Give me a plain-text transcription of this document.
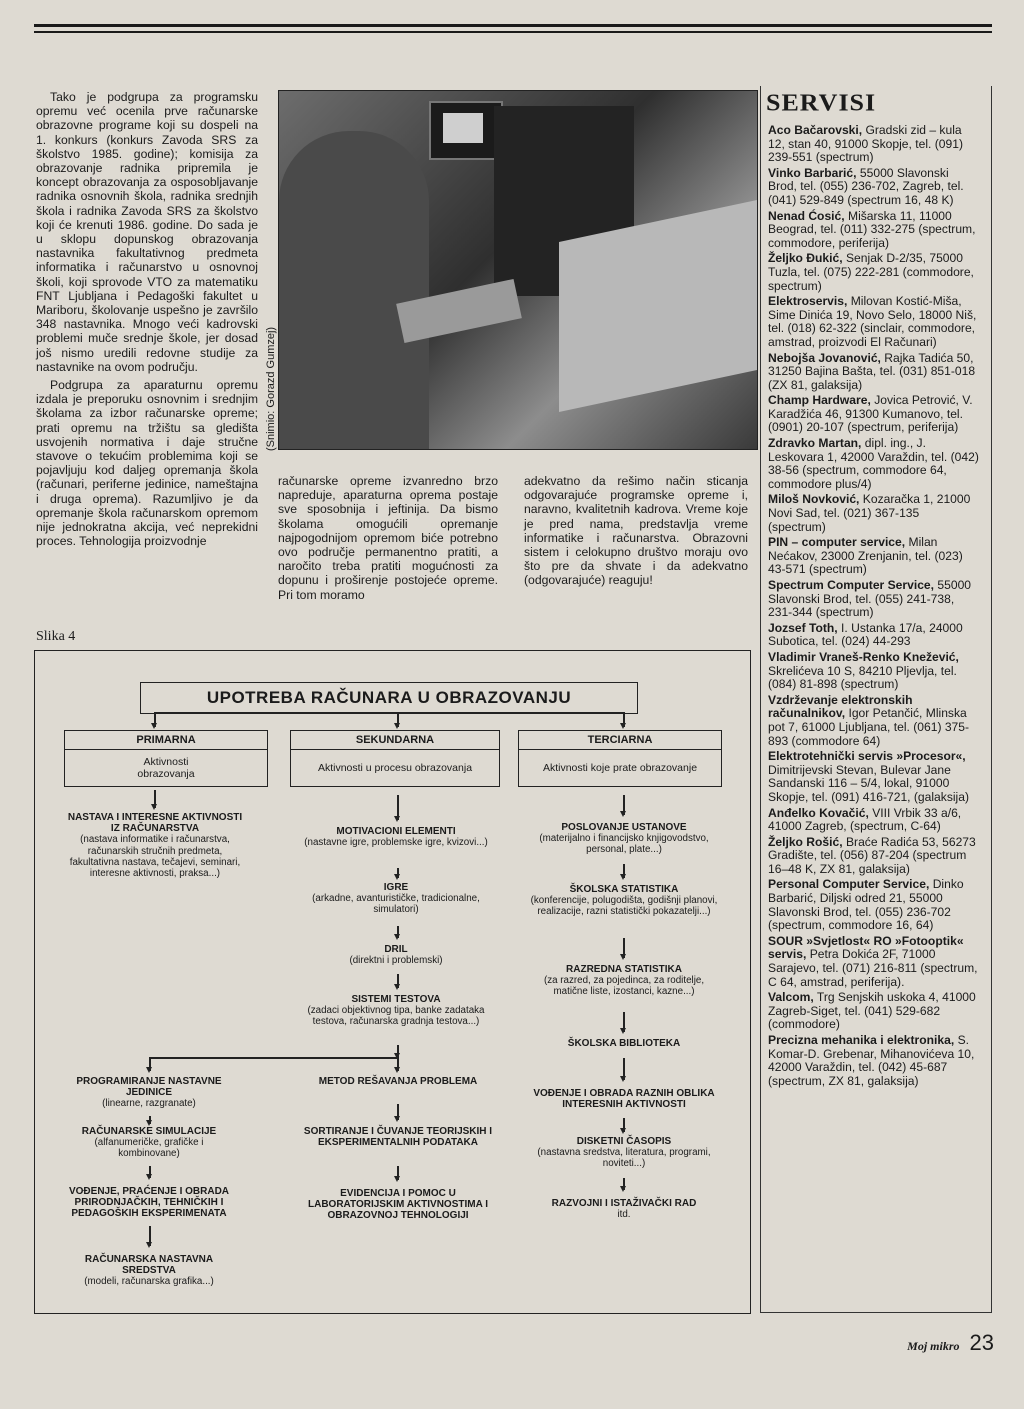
Tako je podgrupa za programsku opremu već ocenila prve računarske obrazovne programe koji su dospeli na 1. konkurs (konkurs Zavoda SRS za školstvo 1985. godine); komisija za obrazovanje radnika pripremila je koncept obrazovanja za osposobljavanje radnika osnovnih škola, radnika srednjih škola i radnika Zavoda SRS za školstvo koji će krenuti 1986. godine. Do sada je u sklopu dopunskog obrazovanja nastavnika fakultativnog predmeta informatika i računarstvo u osnovnoj školi, koji sprovode VTO za matematiku FNT Ljubljana i Pedagoški fakultet u Mariboru, školovanje uspešno je završilo 348 nastavnika. Mnogo veći kadrovski problemi muče srednje škole, jer dosad još nismo uredili redovne studije za nastavnike na ovom području.

Podgrupa za aparaturnu opremu izdala je preporuku osnovnim i srednjim školama za izbor računarske opreme; prati opremu na tržištu sa gledišta usvojenih normativa i daje stručne stavove o tekućim problemima koji se pojavljuju kod daljeg opremanja škola (računari, periferne jedinice, nameštajna i druga oprema). Razumljivo je da opremanje škola računarskom opremom nije jednokratna akcija, već neprekidni proces. Tehnologija proizvodnje

(Snimio: Gorazd Gumzej)
računarske opreme izvanredno brzo napreduje, aparaturna oprema postaje sve sposobnija i jeftinija. Da bismo školama omogućili opremanje najpogodnijom opremom biće potrebno ovo područje permanentno pratiti, a naročito treba pratiti mogućnosti za dopunu i proširenje postojeće opreme. Pri tom moramo
adekvatno da rešimo način sticanja odgovarajuće programske opreme i, naravno, kvalitetnih kadrova. Vreme koje je pred nama, predstavlja vreme informatike i računarstva. Obrazovni sistem i celokupno društvo moraju ovo što pre da shvate i da adekvatno (odgovarajuće) reaguju!
Slika 4
UPOTREBA RAČUNARA U OBRAZOVANJU
PRIMARNA
Aktivnosti obrazovanja
SEKUNDARNA
Aktivnosti u procesu obrazovanja
TERCIARNA
Aktivnosti koje prate obrazovanje
NASTAVA I INTERESNE AKTIVNOSTI IZ RAČUNARSTVA
(nastava informatike i računarstva, računarskih stručnih predmeta, fakultativna nastava, tečajevi, seminari, interesne aktivnosti, praksa...)
MOTIVACIONI ELEMENTI
(nastavne igre, problemske igre, kvizovi...)
IGRE
(arkadne, avanturističke, tradicionalne, simulatori)
DRIL
(direktni i problemski)
SISTEMI TESTOVA
(zadaci objektivnog tipa, banke zadataka testova, računarska gradnja testova...)
POSLOVANJE USTANOVE
(materijalno i financijsko knjigovodstvo, personal, plate...)
ŠKOLSKA STATISTIKA
(konferencije, polugodišta, godišnji planovi, realizacije, razni statistički pokazatelji...)
RAZREDNA STATISTIKA
(za razred, za pojedinca, za roditelje, matične liste, izostanci, kazne...)
ŠKOLSKA BIBLIOTEKA
VOĐENJE I OBRADA RAZNIH OBLIKA INTERESNIH AKTIVNOSTI
DISKETNI ČASOPIS
(nastavna sredstva, literatura, programi, noviteti...)
RAZVOJNI I ISTAŽIVAČKI RAD
itd.
PROGRAMIRANJE NASTAVNE JEDINICE
(linearne, razgranate)
RAČUNARSKE SIMULACIJE
(alfanumeričke, grafičke i kombinovane)
VOĐENJE, PRAĆENJE I OBRADA PRIRODNJAČKIH, TEHNIČKIH I PEDAGOŠKIH EKSPERIMENATA
RAČUNARSKA NASTAVNA SREDSTVA
(modeli, računarska grafika...)
METOD REŠAVANJA PROBLEMA
SORTIRANJE I ČUVANJE TEORIJSKIH I EKSPERIMENTALNIH PODATAKA
EVIDENCIJA I POMOC U LABORATORIJSKIM AKTIVNOSTIMA I OBRAZOVNOJ TEHNOLOGIJI
SERVISI
Aco Bačarovski, Gradski zid – kula 12, stan 40, 91000 Skopje, tel. (091) 239-551 (spectrum)
Vinko Barbarić, 55000 Slavonski Brod, tel. (055) 236-702, Zagreb, tel. (041) 529-849 (spectrum 16, 48 K)
Nenad Ćosić, Mišarska 11, 11000 Beograd, tel. (011) 332-275 (spectrum, commodore, periferija)
Željko Đukić, Senjak D-2/35, 75000 Tuzla, tel. (075) 222-281 (commodore, spectrum)
Elektroservis, Milovan Kostić-Miša, Sime Dinića 19, Novo Selo, 18000 Niš, tel. (018) 62-322 (sinclair, commodore, amstrad, proizvodi El Računari)
Nebojša Jovanović, Rajka Tadića 50, 31250 Bajina Bašta, tel. (031) 851-018 (ZX 81, galaksija)
Champ Hardware, Jovica Petrović, V. Karadžića 46, 91300 Kumanovo, tel. (0901) 20-107 (spectrum, periferija)
Zdravko Martan, dipl. ing., J. Leskovara 1, 42000 Varaždin, tel. (042) 38-56 (spectrum, commodore 64, commodore plus/4)
Miloš Novković, Kozaračka 1, 21000 Novi Sad, tel. (021) 367-135 (spectrum)
PIN – computer service, Milan Nećakov, 23000 Zrenjanin, tel. (023) 43-571 (spectrum)
Spectrum Computer Service, 55000 Slavonski Brod, tel. (055) 241-738, 231-344 (spectrum)
Jozsef Toth, I. Ustanka 17/a, 24000 Subotica, tel. (024) 44-293
Vladimir Vraneš-Renko Knežević, Skrelićeva 10 S, 84210 Pljevlja, tel. (084) 81-898 (spectrum)
Vzdrževanje elektronskih računalnikov, Igor Petančić, Mlinska pot 7, 61000 Ljubljana, tel. (061) 375-893 (commodore 64)
Elektrotehnički servis »Procesor«, Dimitrijevski Stevan, Bulevar Jane Sandanski 116 – 5/4, lokal, 91000 Skopje, tel. (091) 416-721, (galaksija)
Anđelko Kovačić, VIII Vrbik 33 a/6, 41000 Zagreb, (spectrum, C-64)
Željko Rošić, Braće Radića 53, 56273 Gradište, tel. (056) 87-204 (spectrum 16–48 K, ZX 81, galaksija)
Personal Computer Service, Dinko Barbarić, Diljski odred 21, 55000 Slavonski Brod, tel. (055) 236-702 (spectrum, commodore 16, 64)
SOUR »Svjetlost« RO »Fotooptik« servis, Petra Dokića 2F, 71000 Sarajevo, tel. (071) 216-811 (spectrum, C 64, amstrad, periferija).
Valcom, Trg Senjskih uskoka 4, 41000 Zagreb-Siget, tel. (041) 529-682 (commodore)
Precizna mehanika i elektronika, S. Komar-D. Grebenar, Mihanovićeva 10, 42000 Varaždin, tel. (042) 45-687 (spectrum, ZX 81, galaksija)
Moj mikro 23
